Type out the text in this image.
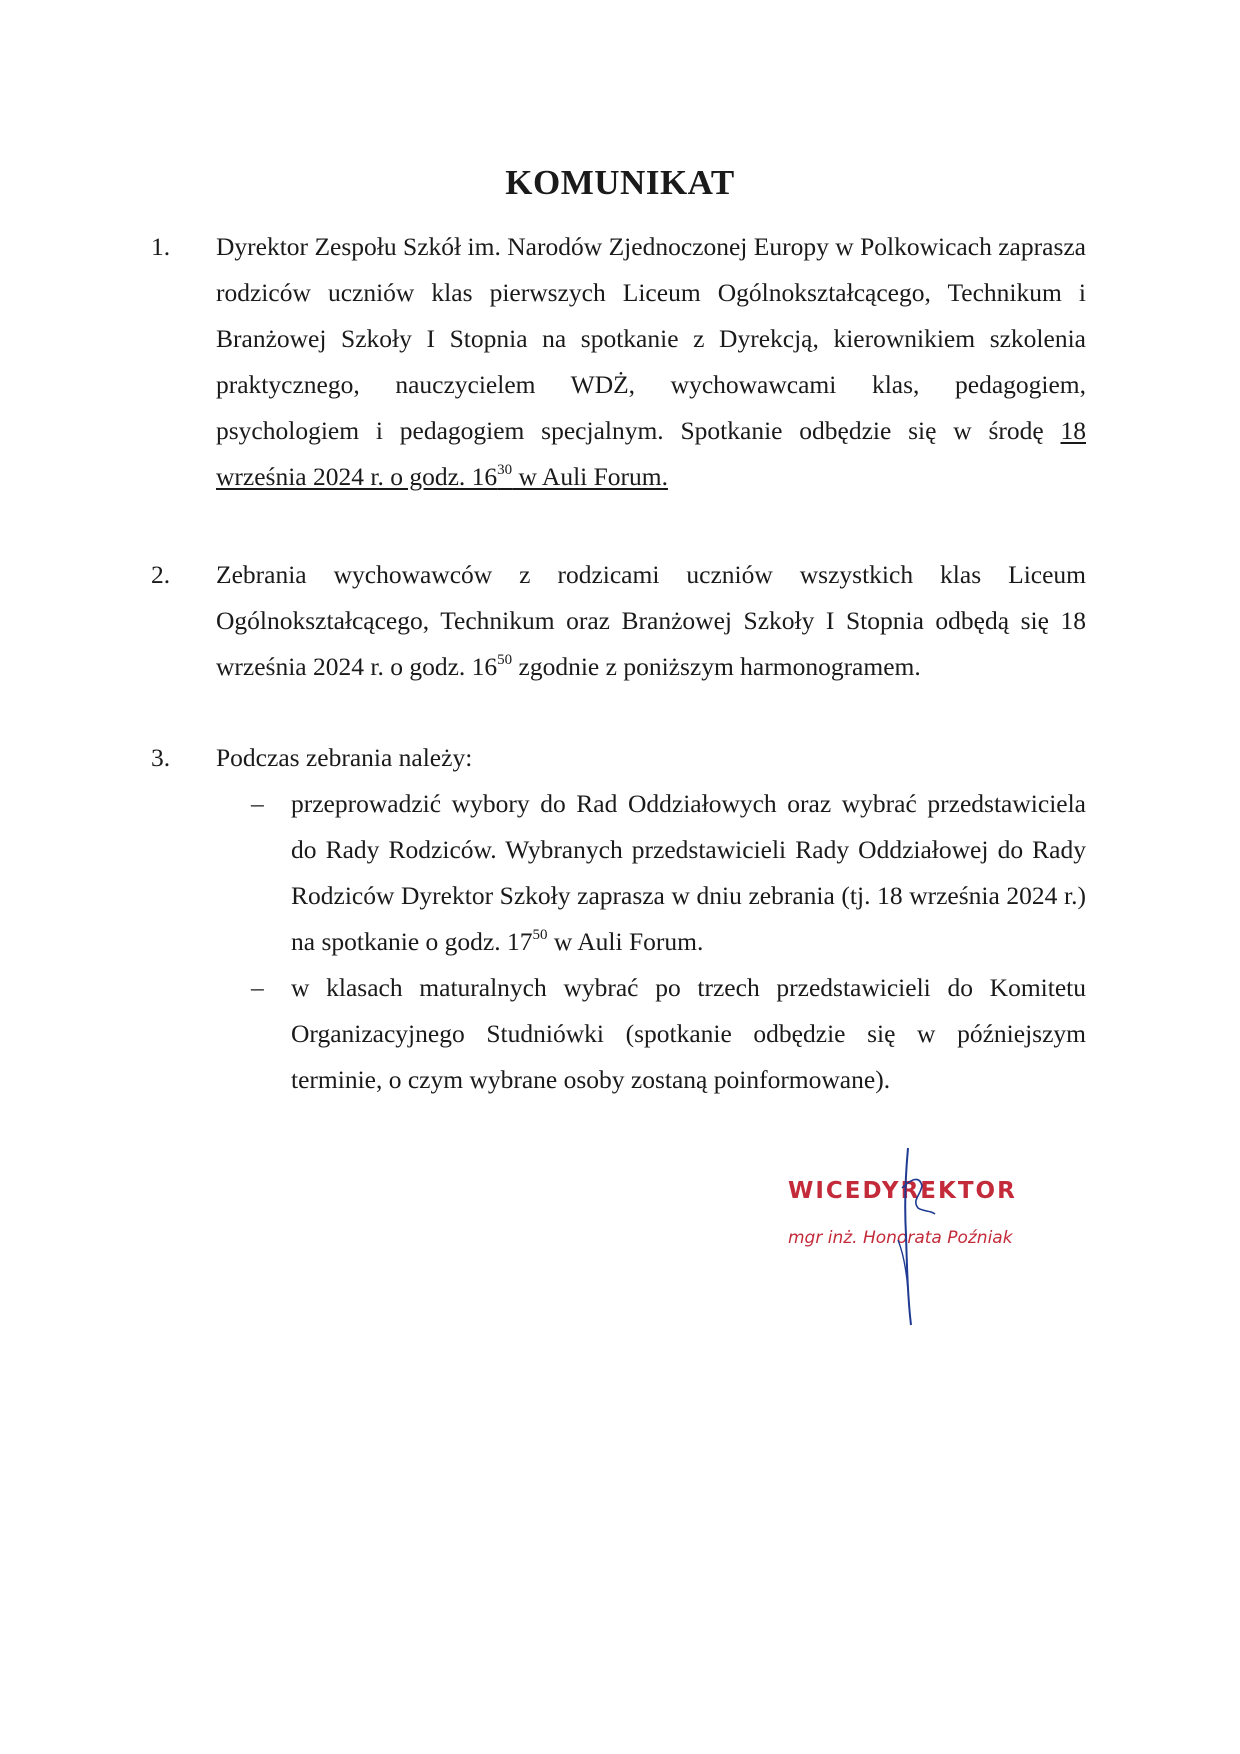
KOMUNIKAT
1.	Dyrektor Zespołu Szkół im. Narodów Zjednoczonej Europy w Polkowicach zaprasza rodziców uczniów klas pierwszych Liceum Ogólnokształcącego, Technikum i Branżowej Szkoły I Stopnia na spotkanie z Dyrekcją, kierownikiem szkolenia praktycznego, nauczycielem WDŻ, wychowawcami klas, pedagogiem, psychologiem i pedagogiem specjalnym. Spotkanie odbędzie się w środę 18 września 2024 r. o godz. $16^{30}$ w Auli Forum.
2.	Zebrania wychowawców z rodzicami uczniów wszystkich klas Liceum Ogólnokształcącego, Technikum oraz Branżowej Szkoły I Stopnia odbędą się 18 września 2024 r. o godz. $16^{50}$ zgodnie z poniższym harmonogramem.
3.	Podczas zebrania należy:
– przeprowadzić wybory do Rad Oddziałowych oraz wybrać przedstawiciela do Rady Rodziców. Wybranych przedstawicieli Rady Oddziałowej do Rady Rodziców Dyrektor Szkoły zaprasza w dniu zebrania (tj. 18 września 2024 r.) na spotkanie o godz. $17^{50}$ w Auli Forum.
– w klasach maturalnych wybrać po trzech przedstawicieli do Komitetu Organizacyjnego Studniówki (spotkanie odbędzie się w późniejszym terminie, o czym wybrane osoby zostaną poinformowane).
WICEDYREKTOR
mgr inż. Honorata Poźniak
